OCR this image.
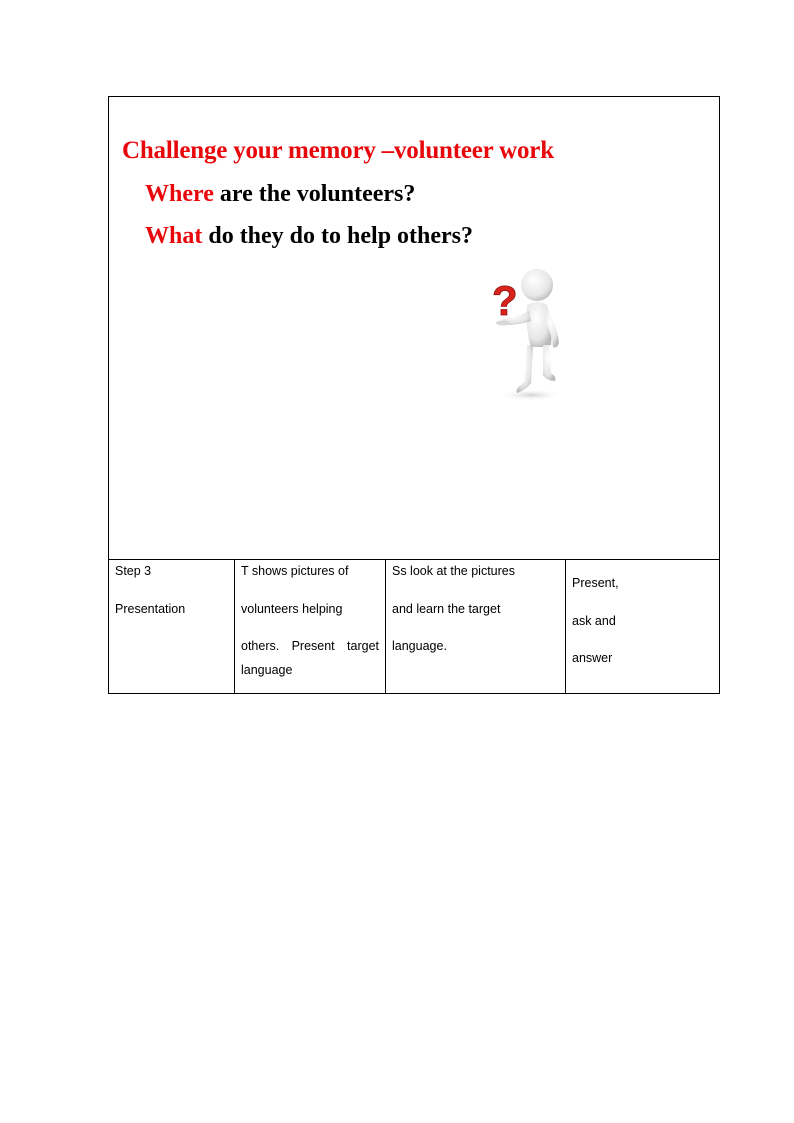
Challenge your memory –volunteer work

Where are the volunteers?

What do they do to help others?

?
Step 3
Presentation
T shows pictures of
volunteers helping
others. Present target
language
Ss look at the pictures
and learn the target
language.
Present,
ask and
answer
